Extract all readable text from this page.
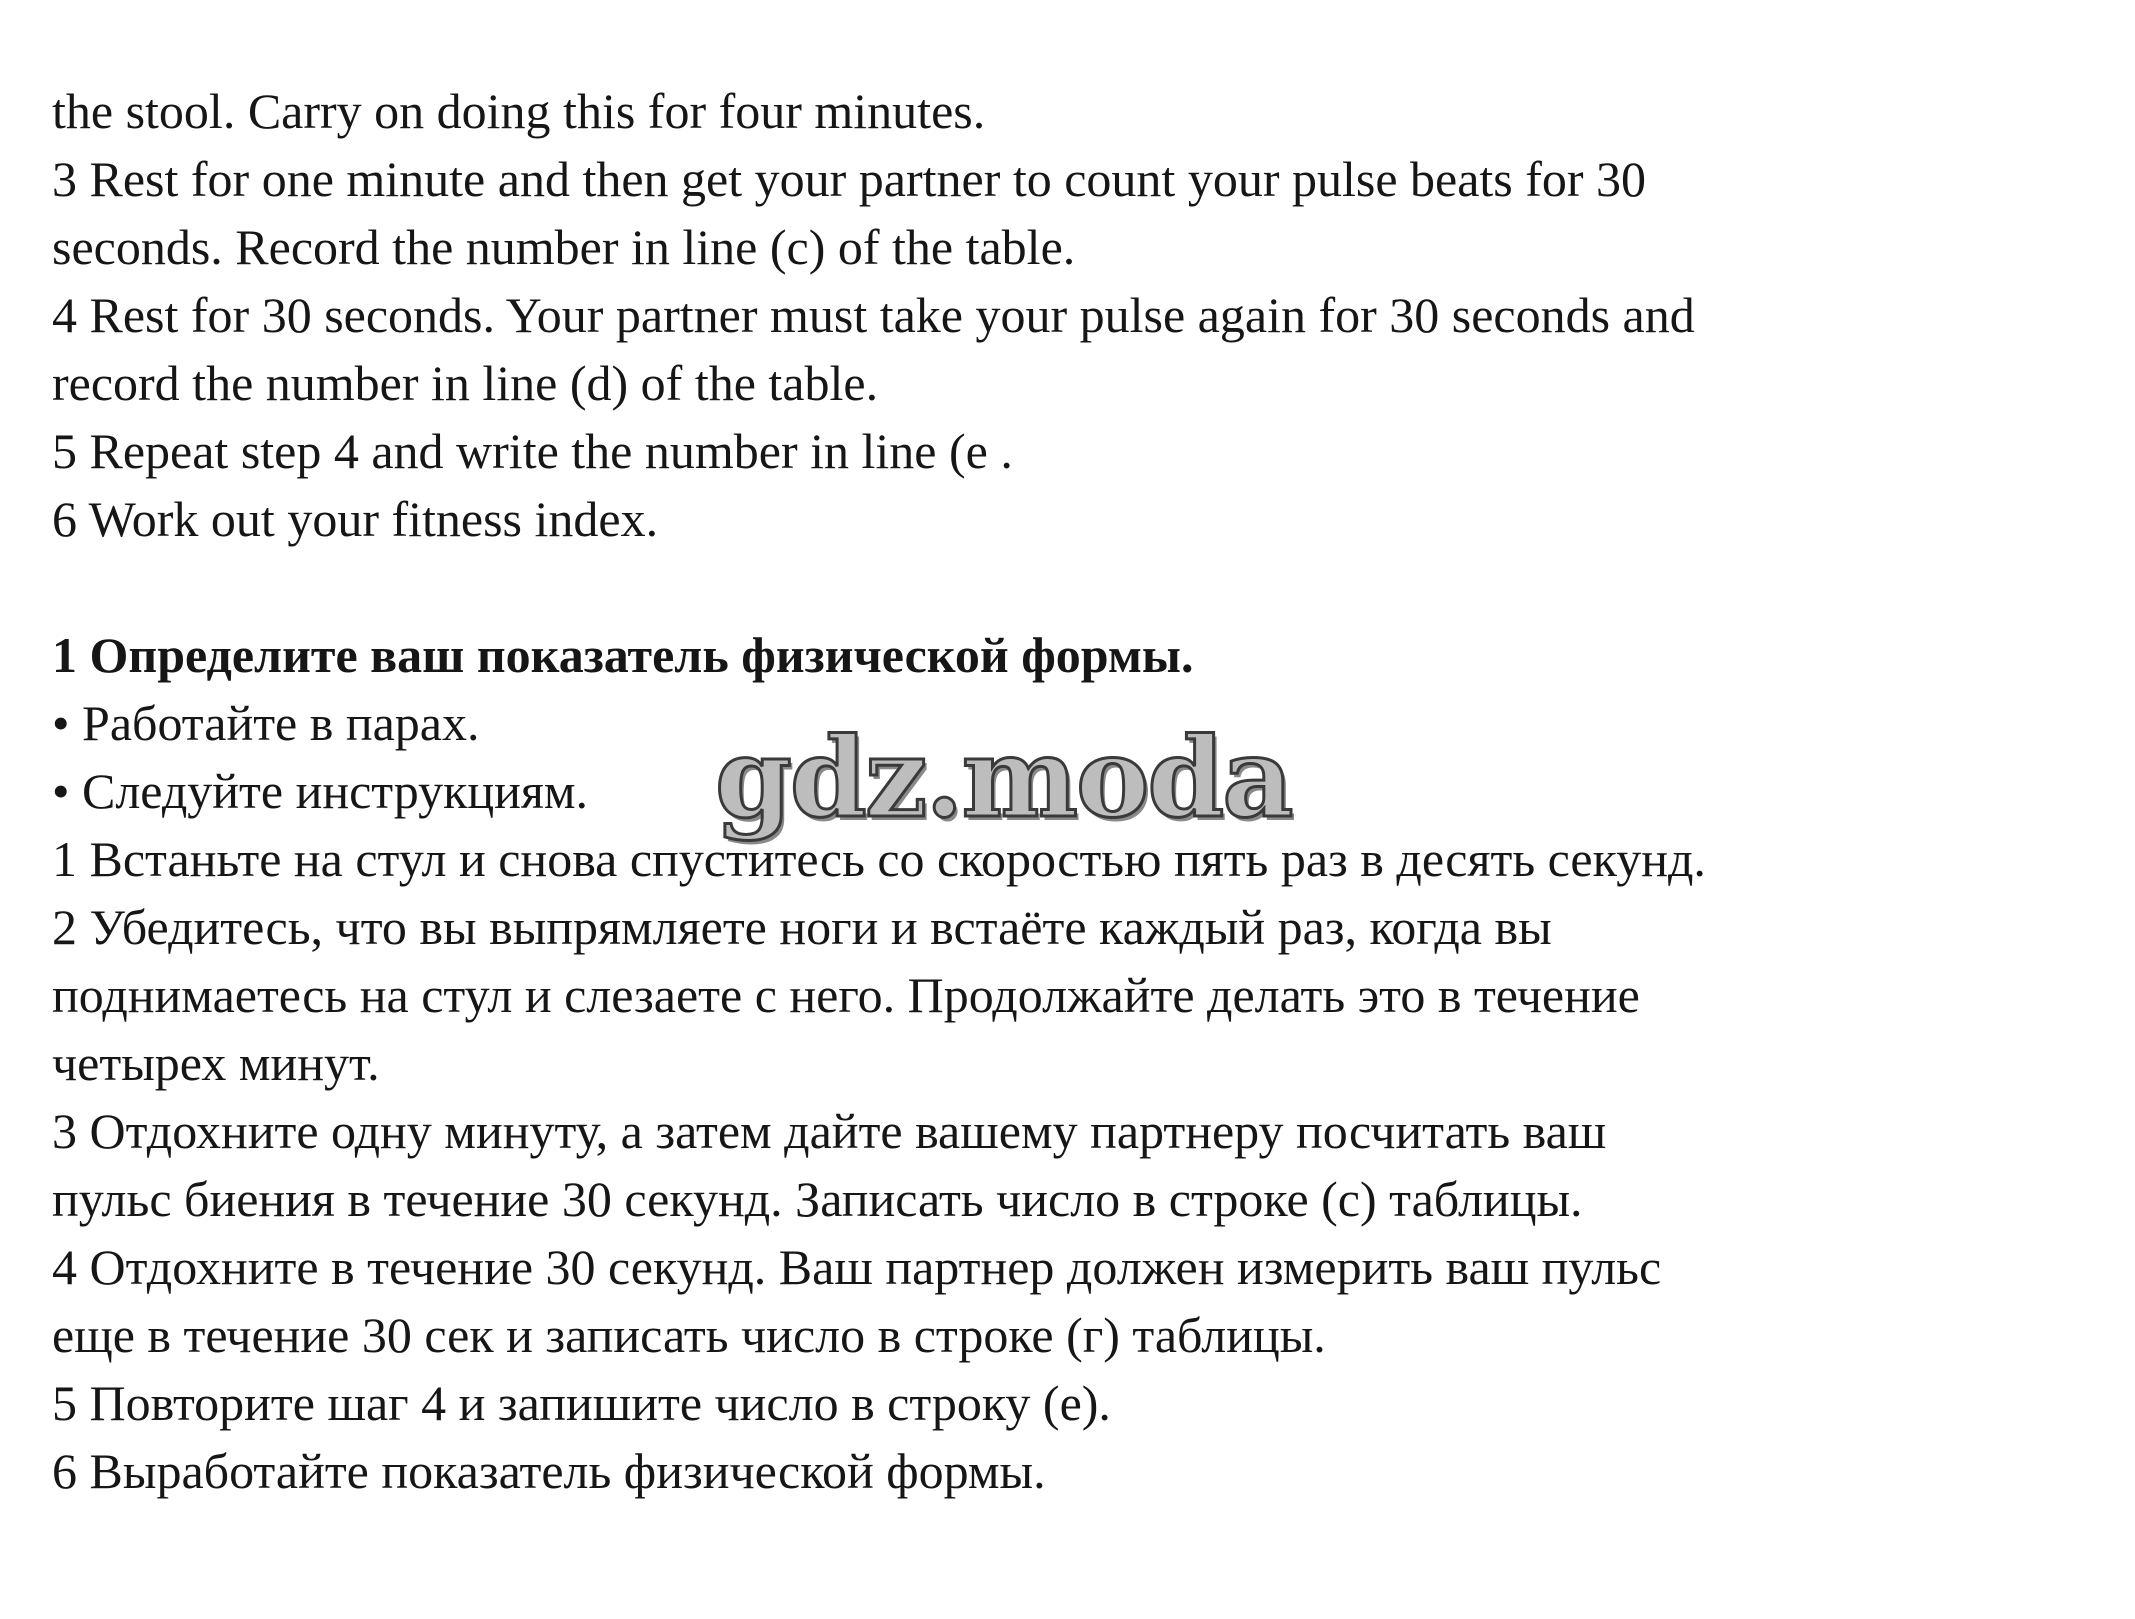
the stool. Carry on doing this for four minutes.
3 Rest for one minute and then get your partner to count your pulse beats for 30
seconds. Record the number in line (c) of the table.
4 Rest for 30 seconds. Your partner must take your pulse again for 30 seconds and
record the number in line (d) of the table.
5 Repeat step 4 and write the number in line (e .
6 Work out your fitness index.
1 Определите ваш показатель физической формы.
• Работайте в парах.
• Следуйте инструкциям.
1 Встаньте на стул и снова спуститесь со скоростью пять раз в десять секунд.
2 Убедитесь, что вы выпрямляете ноги и встаёте каждый раз, когда вы
поднимаетесь на стул и слезаете с него. Продолжайте делать это в течение
четырех минут.
3 Отдохните одну минуту, а затем дайте вашему партнеру посчитать ваш
пульс биения в течение 30 секунд. Записать число в строке (c) таблицы.
4 Отдохните в течение 30 секунд. Ваш партнер должен измерить ваш пульс
еще в течение 30 сек и записать число в строке (г) таблицы.
5 Повторите шаг 4 и запишите число в строку (е).
6 Выработайте показатель физической формы.
gdz.moda
